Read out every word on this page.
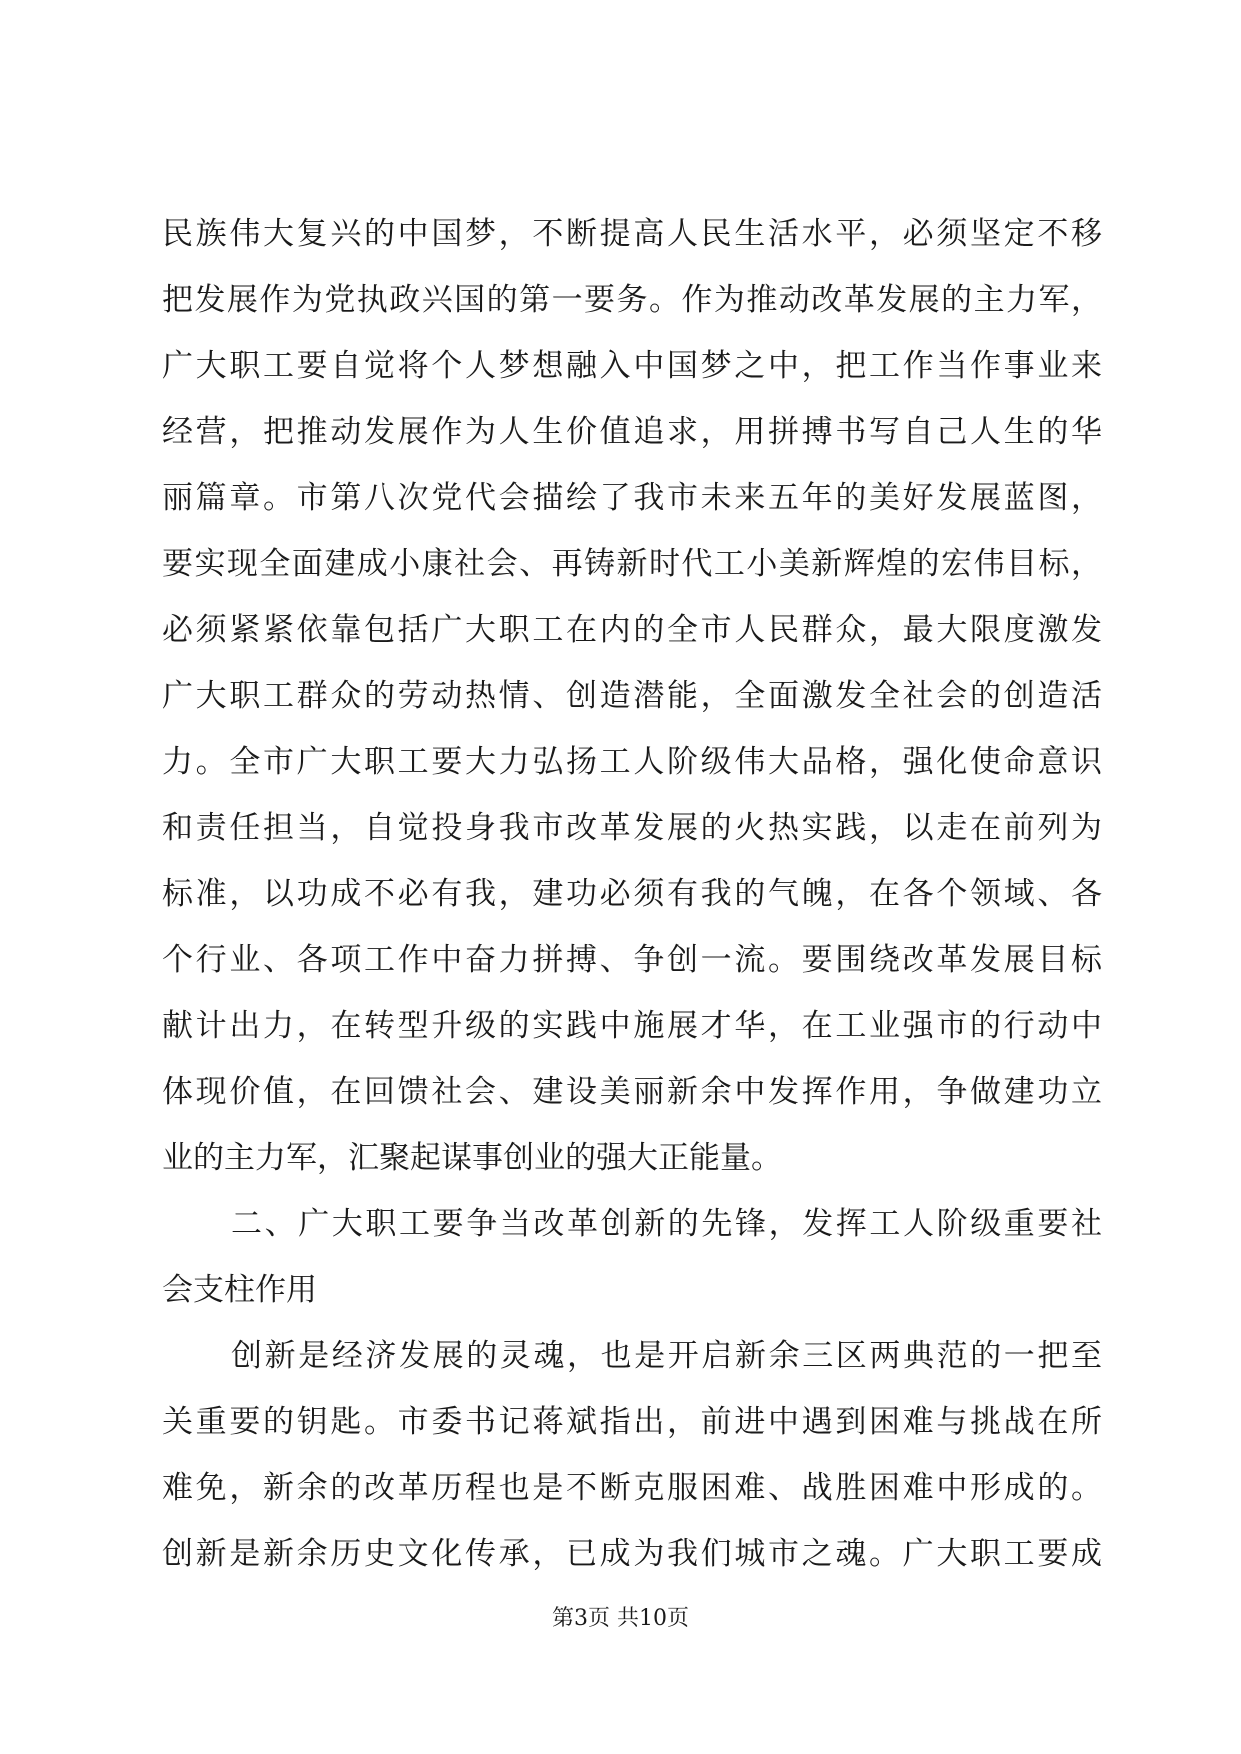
民族伟大复兴的中国梦，不断提高人民生活水平，必须坚定不移
把发展作为党执政兴国的第一要务。作为推动改革发展的主力军，
广大职工要自觉将个人梦想融入中国梦之中，把工作当作事业来
经营，把推动发展作为人生价值追求，用拼搏书写自己人生的华
丽篇章。市第八次党代会描绘了我市未来五年的美好发展蓝图，
要实现全面建成小康社会、再铸新时代工小美新辉煌的宏伟目标，
必须紧紧依靠包括广大职工在内的全市人民群众，最大限度激发
广大职工群众的劳动热情、创造潜能，全面激发全社会的创造活
力。全市广大职工要大力弘扬工人阶级伟大品格，强化使命意识
和责任担当，自觉投身我市改革发展的火热实践，以走在前列为
标准，以功成不必有我，建功必须有我的气魄，在各个领域、各
个行业、各项工作中奋力拼搏、争创一流。要围绕改革发展目标
献计出力，在转型升级的实践中施展才华，在工业强市的行动中
体现价值，在回馈社会、建设美丽新余中发挥作用，争做建功立
业的主力军，汇聚起谋事创业的强大正能量。
二、广大职工要争当改革创新的先锋，发挥工人阶级重要社
会支柱作用
创新是经济发展的灵魂，也是开启新余三区两典范的一把至
关重要的钥匙。市委书记蒋斌指出，前进中遇到困难与挑战在所
难免，新余的改革历程也是不断克服困难、战胜困难中形成的。
创新是新余历史文化传承，已成为我们城市之魂。广大职工要成
第3页 共10页
